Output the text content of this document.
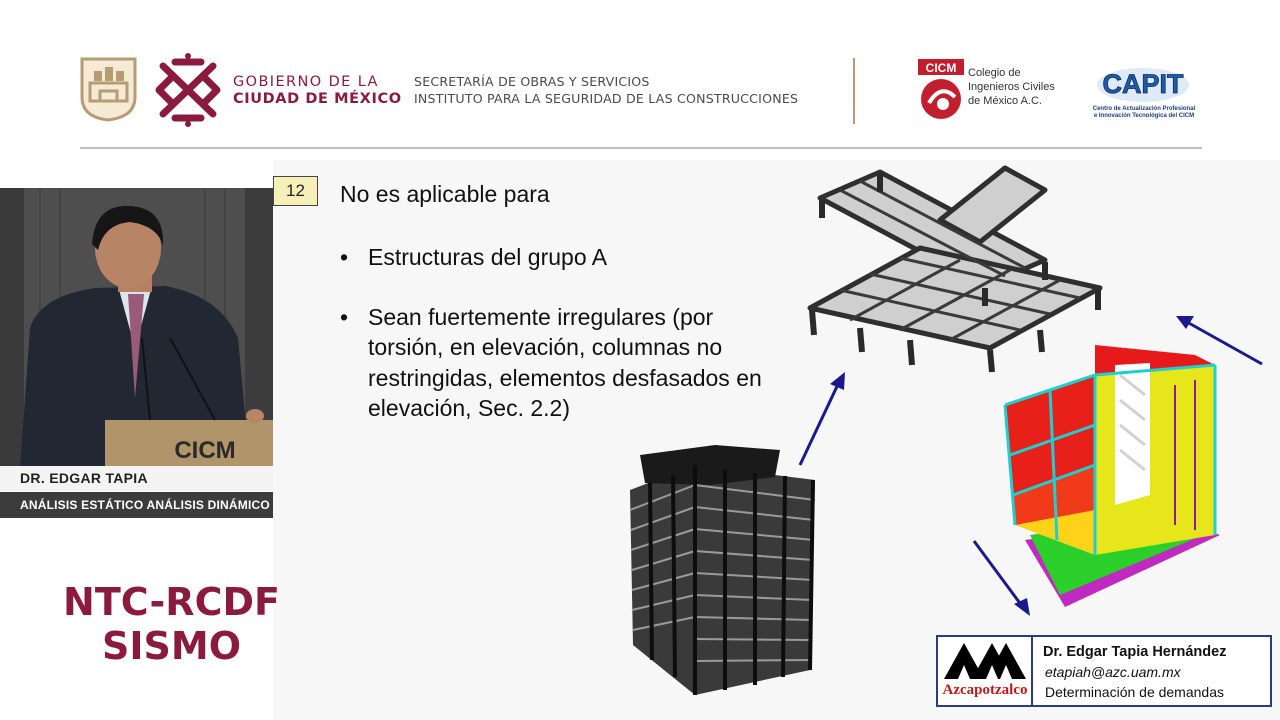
GOBIERNO DE LA
CIUDAD DE MÉXICO
SECRETARÍA DE OBRAS Y SERVICIOS
INSTITUTO PARA LA SEGURIDAD DE LAS CONSTRUCCIONES
CICM Colegio de
Ingenieros Civiles
de México A.C.
CAPIT
Centro de Actualización Profesional
e Innovación Tecnológica del CICM
12	No es aplicable para
• Estructuras del grupo A
• Sean fuertemente irregulares (por torsión, en elevación, columnas no restringidas, elementos desfasados en elevación, Sec. 2.2)
CICM
DR. EDGAR TAPIA
ANÁLISIS ESTÁTICO ANÁLISIS DINÁMICO
NTC-RCDF
SISMO
Azcapotzalco
Dr. Edgar Tapia Hernández
etapiah@azc.uam.mx
Determinación de demandas
